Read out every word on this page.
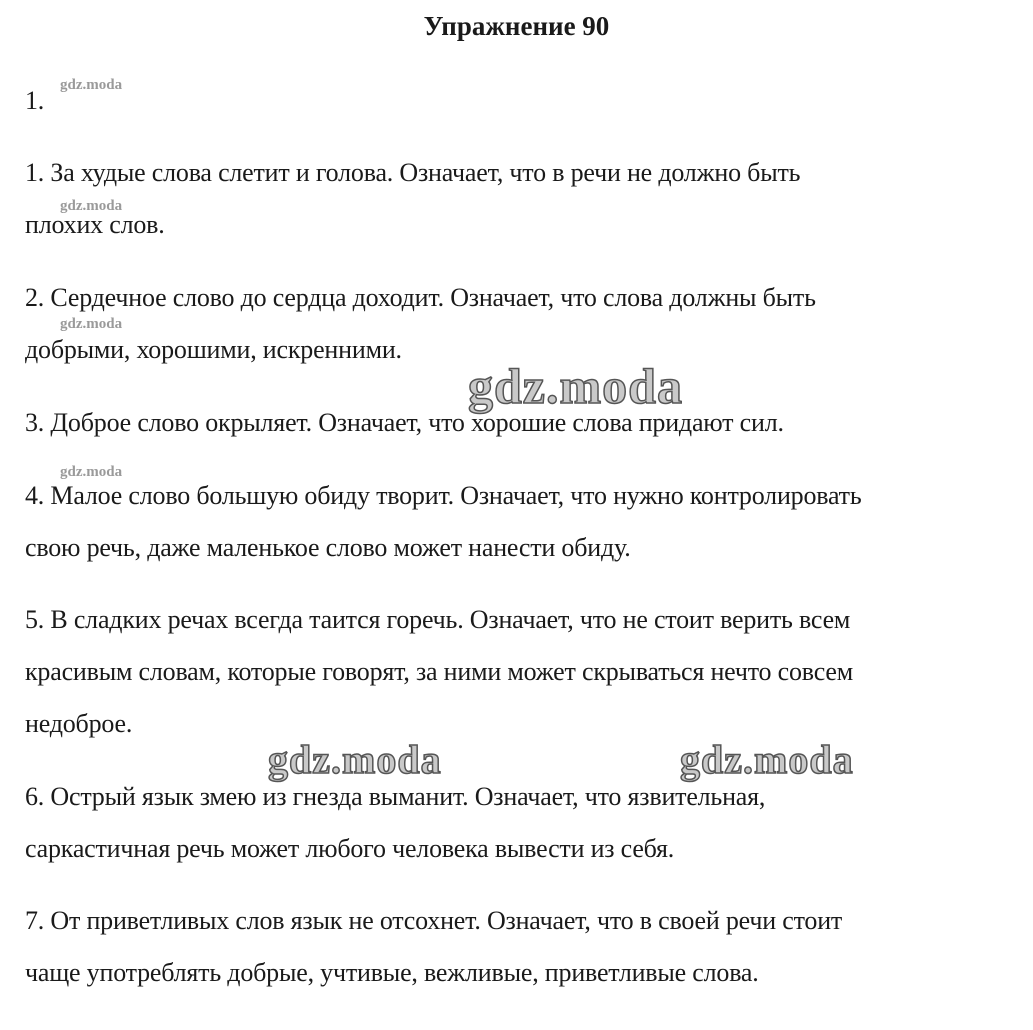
Упражнение 90
1.
1. За худые слова слетит и голова. Означает, что в речи не должно быть
плохих слов.
2. Сердечное слово до сердца доходит. Означает, что слова должны быть
добрыми, хорошими, искренними.
3. Доброе слово окрыляет. Означает, что хорошие слова придают сил.
4. Малое слово большую обиду творит. Означает, что нужно контролировать
свою речь, даже маленькое слово может нанести обиду.
5. В сладких речах всегда таится горечь. Означает, что не стоит верить всем
красивым словам, которые говорят, за ними может скрываться нечто совсем
недоброе.
6. Острый язык змею из гнезда выманит. Означает, что язвительная,
саркастичная речь может любого человека вывести из себя.
7. От приветливых слов язык не отсохнет. Означает, что в своей речи стоит
чаще употреблять добрые, учтивые, вежливые, приветливые слова.
gdz.moda
gdz.moda
gdz.moda
gdz.moda
gdz.moda
gdz.moda	gdz.moda
